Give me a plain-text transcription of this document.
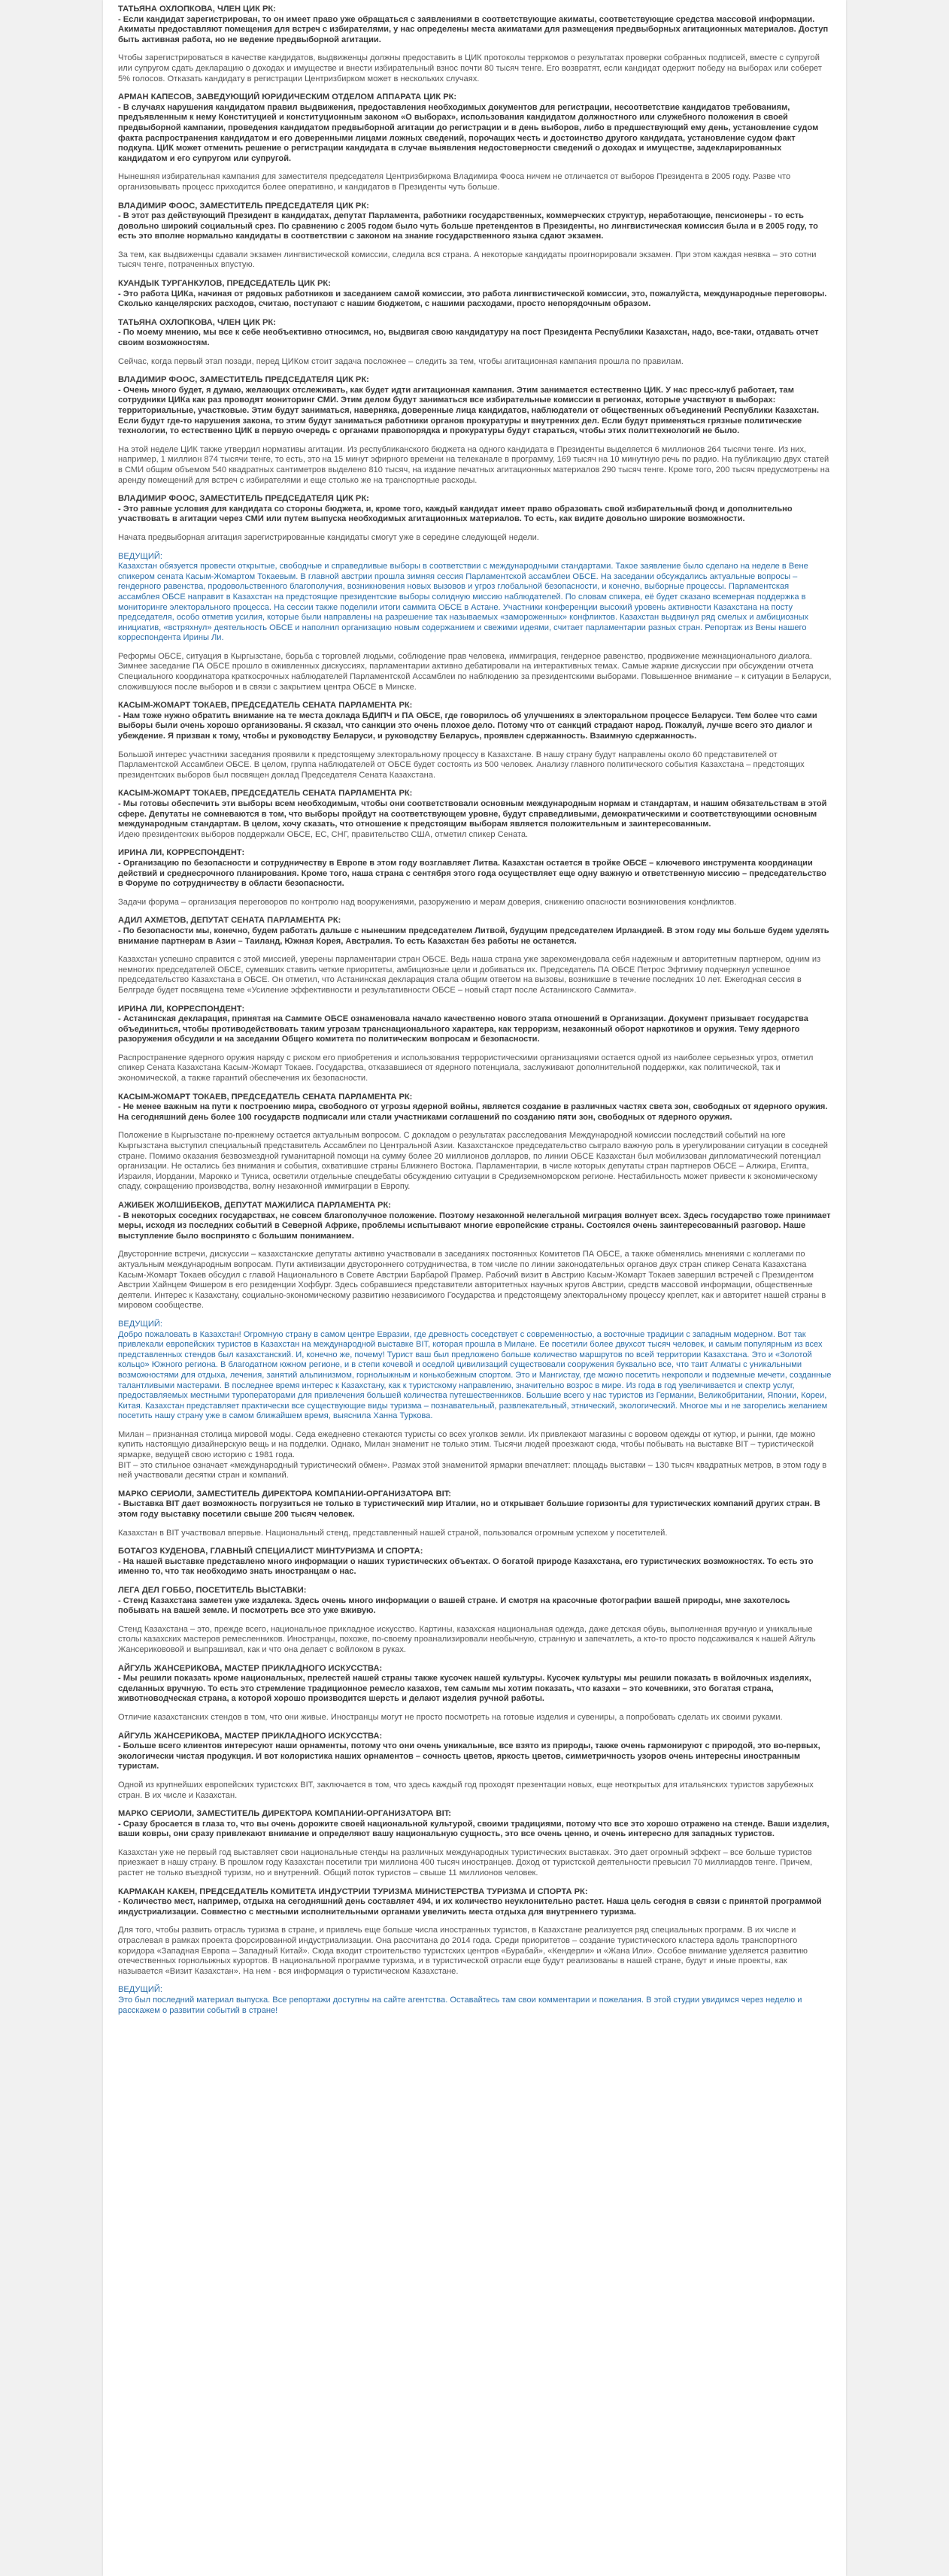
ТАТЬЯНА ОХЛОПКОВА, ЧЛЕН ЦИК РК:
- Если кандидат зарегистрирован, то он имеет право уже обращаться с заявлениями в соответствующие акиматы, соответствующие средства массовой информации. Акиматы предоставляют помещения для встреч с избирателями, у нас определены места акиматами для размещения предвыборных агитационных материалов. Доступ быть активная работа, но не ведение предвыборной агитации.
Чтобы зарегистрироваться в качестве кандидатов, выдвиженцы должны предоставить в ЦИК протоколы терркомов о результатах проверки собранных подписей, вместе с супругой или супругом сдать декларацию о доходах и имуществе и внести избирательный взнос почти 80 тысяч тенге. Его возвратят, если кандидат одержит победу на выборах или соберет 5% голосов. Отказать кандидату в регистрации Центризбирком может в нескольких случаях.
АРМАН КАПЕСОВ, ЗАВЕДУЮЩИЙ ЮРИДИЧЕСКИМ ОТДЕЛОМ АППАРАТА ЦИК РК:
- В случаях нарушения кандидатом правил выдвижения, предоставления необходимых документов для регистрации, несоответствие кандидатов требованиям, предъявленным к нему Конституцией и конституционным законом «О выборах», использования кандидатом должностного или служебного положения в своей предвыборной кампании, проведения кандидатом предвыборной агитации до регистрации и в день выборов, либо в предшествующий ему день, установление судом факта распространения кандидатом и его доверенными лицами ложных сведений, порочащих честь и достоинство другого кандидата, установление судом факт подкупа. ЦИК может отменить решение о регистрации кандидата в случае выявления недостоверности сведений о доходах и имуществе, задекларированных кандидатом и его супругом или супругой.
Нынешняя избирательная кампания для заместителя председателя Центризбиркома Владимира Фооса ничем не отличается от выборов Президента в 2005 году. Разве что организовывать процесс приходится более оперативно, и кандидатов в Президенты чуть больше.
ВЛАДИМИР ФООС, ЗАМЕСТИТЕЛЬ ПРЕДСЕДАТЕЛЯ ЦИК РК:
- В этот раз действующий Президент в кандидатах, депутат Парламента, работники государственных, коммерческих структур, неработающие, пенсионеры - то есть довольно широкий социальный срез. По сравнению с 2005 годом было чуть больше претендентов в Президенты, но лингвистическая комиссия была и в 2005 году, то есть это вполне нормально кандидаты в соответствии с законом на знание государственного языка сдают экзамен.
За тем, как выдвиженцы сдавали экзамен лингвистической комиссии, следила вся страна. А некоторые кандидаты проигнорировали экзамен. При этом каждая неявка – это сотни тысяч тенге, потраченных впустую.
КУАНДЫК ТУРГАНКУЛОВ, ПРЕДСЕДАТЕЛЬ ЦИК РК:
- Это работа ЦИКа, начиная от рядовых работников и заседанием самой комиссии, это работа лингвистической комиссии, это, пожалуйста, международные переговоры. Сколько канцелярских расходов, считаю, поступают с нашим бюджетом, с нашими расходами, просто непорядочным образом.
ТАТЬЯНА ОХЛОПКОВА, ЧЛЕН ЦИК РК:
- По моему мнению, мы все к себе необъективно относимся, но, выдвигая свою кандидатуру на пост Президента Республики Казахстан, надо, все-таки, отдавать отчет своим возможностям.
Сейчас, когда первый этап позади, перед ЦИКом стоит задача посложнее – следить за тем, чтобы агитационная кампания прошла по правилам.
ВЛАДИМИР ФООС, ЗАМЕСТИТЕЛЬ ПРЕДСЕДАТЕЛЯ ЦИК РК:
- Очень много будет, я думаю, желающих отслеживать, как будет идти агитационная кампания. Этим занимается естественно ЦИК. У нас пресс-клуб работает, там сотрудники ЦИКа как раз проводят мониторинг СМИ. Этим делом будут заниматься все избирательные комиссии в регионах, которые участвуют в выборах: территориальные, участковые. Этим будут заниматься, наверняка, доверенные лица кандидатов, наблюдатели от общественных объединений Республики Казахстан. Если будут где-то нарушения закона, то этим будут заниматься работники органов прокуратуры и внутренних дел. Если будут применяться грязные политические технологии, то естественно ЦИК в первую очередь с органами правопорядка и прокуратуры будут стараться, чтобы этих политтехнологий не было.
На этой неделе ЦИК также утвердил нормативы агитации. Из республиканского бюджета на одного кандидата в Президенты выделяется 6 миллионов 264 тысячи тенге. Из них, например, 1 миллион 874 тысячи тенге, то есть, это на 15 минут эфирного времени на телеканале в программу, 169 тысяч на 10 минутную речь по радио. На публикацию двух статей в СМИ общим объемом 540 квадратных сантиметров выделено 810 тысяч, на издание печатных агитационных материалов 290 тысяч тенге. Кроме того, 200 тысяч предусмотрены на аренду помещений для встреч с избирателями и еще столько же на транспортные расходы.
ВЛАДИМИР ФООС, ЗАМЕСТИТЕЛЬ ПРЕДСЕДАТЕЛЯ ЦИК РК:
- Это равные условия для кандидата со стороны бюджета, и, кроме того, каждый кандидат имеет право образовать свой избирательный фонд и дополнительно участвовать в агитации через СМИ или путем выпуска необходимых агитационных материалов. То есть, как видите довольно широкие возможности.
Начата предвыборная агитация зарегистрированные кандидаты смогут уже в середине следующей недели.
ВЕДУЩИЙ:
Казахстан обязуется провести открытые, свободные и справедливые выборы в соответствии с международными стандартами. Такое заявление было сделано на неделе в Вене спикером сената Касым-Жомартом Токаевым. В главной австрии прошла зимняя сессия Парламентской ассамблеи ОБСЕ. На заседании обсуждались актуальные вопросы – гендерного равенства, продовольственного благополучия, возникновения новых вызовов и угроз глобальной безопасности, и конечно, выборные процессы. Парламентская ассамблея ОБСЕ направит в Казахстан на предстоящие президентские выборы солидную миссию наблюдателей. По словам спикера, её будет сказано всемерная поддержка в мониторинге электорального процесса. На сессии также поделили итоги саммита ОБСЕ в Астане. Участники конференции высокий уровень активности Казахстана на посту председателя, особо отметив усилия, которые были направлены на разрешение так называемых «замороженных» конфликтов. Казахстан выдвинул ряд смелых и амбициозных инициатив, «встряхнул» деятельность ОБСЕ и наполнил организацию новым содержанием и свежими идеями, считает парламентарии разных стран. Репортаж из Вены нашего корреспондента Ирины Ли.
Реформы ОБСЕ, ситуация в Кыргызстане, борьба с торговлей людьми, соблюдение прав человека, иммиграция, гендерное равенство, продвижение межнационального диалога. Зимнее заседание ПА ОБСЕ прошло в оживленных дискуссиях, парламентарии активно дебатировали на интерактивных темах. Самые жаркие дискуссии при обсуждении отчета Специального координатора краткосрочных наблюдателей Парламентской Ассамблеи по наблюдению за президентскими выборами. Повышенное внимание – к ситуации в Беларуси, сложившуюся после выборов и в связи с закрытием центра ОБСЕ в Минске.
КАСЫМ-ЖОМАРТ ТОКАЕВ, ПРЕДСЕДАТЕЛЬ СЕНАТА ПАРЛАМЕНТА РК:
- Нам тоже нужно обратить внимание на те места доклада БДИПЧ и ПА ОБСЕ, где говорилось об улучшениях в электоральном процессе Беларуси. Тем более что сами выборы были очень хорошо организованы. Я сказал, что санкции это очень плохое дело. Потому что от санкций страдают народ. Пожалуй, лучше всего это диалог и убеждение. Я призван к тому, чтобы и руководству Беларуси, и руководству Беларусь, проявлен сдержанность. Взаимную сдержанность.
Большой интерес участники заседания проявили к предстоящему электоральному процессу в Казахстане. В нашу страну будут направлены около 60 представителей от Парламентской Ассамблеи ОБСЕ. В целом, группа наблюдателей от ОБСЕ будет состоять из 500 человек. Анализу главного политического события Казахстана – предстоящих президентских выборов был посвящен доклад Председателя Сената Казахстана.
КАСЫМ-ЖОМАРТ ТОКАЕВ, ПРЕДСЕДАТЕЛЬ СЕНАТА ПАРЛАМЕНТА РК:
- Мы готовы обеспечить эти выборы всем необходимым, чтобы они соответствовали основным международным нормам и стандартам, и нашим обязательствам в этой сфере. Депутаты не сомневаются в том, что выборы пройдут на соответствующем уровне, будут справедливыми, демократическими и соответствующими основным международным стандартам. В целом, хочу сказать, что отношение к предстоящим выборам является положительным и заинтересованным.
Идею президентских выборов поддержали ОБСЕ, ЕС, СНГ, правительство США, отметил спикер Сената.
ИРИНА ЛИ, КОРРЕСПОНДЕНТ:
- Организацию по безопасности и сотрудничеству в Европе в этом году возглавляет Литва. Казахстан остается в тройке ОБСЕ – ключевого инструмента координации действий и среднесрочного планирования. Кроме того, наша страна с сентября этого года осуществляет еще одну важную и ответственную миссию – председательство в Форуме по сотрудничеству в области безопасности.
Задачи форума – организация переговоров по контролю над вооружениями, разоружению и мерам доверия, снижению опасности возникновения конфликтов.
АДИЛ АХМЕТОВ, ДЕПУТАТ СЕНАТА ПАРЛАМЕНТА РК:
- По безопасности мы, конечно, будем работать дальше с нынешним председателем Литвой, будущим председателем Ирландией. В этом году мы больше будем уделять внимание партнерам в Азии – Таиланд, Южная Корея, Австралия. То есть Казахстан без работы не останется.
Казахстан успешно справится с этой миссией, уверены парламентарии стран ОБСЕ. Ведь наша страна уже зарекомендовала себя надежным и авторитетным партнером, одним из немногих председателей ОБСЕ, сумевших ставить четкие приоритеты, амбициозные цели и добиваться их. Председатель ПА ОБСЕ Петрос Эфтимиу подчеркнул успешное председательство Казахстана в ОБСЕ. Он отметил, что Астанинская декларация стала общим ответом на вызовы, возникшие в течение последних 10 лет. Ежегодная сессия в Белграде будет посвящена теме «Усиление эффективности и результативности ОБСЕ – новый старт после Астанинского Саммита».
ИРИНА ЛИ, КОРРЕСПОНДЕНТ:
- Астанинская декларация, принятая на Саммите ОБСЕ ознаменовала начало качественно нового этапа отношений в Организации. Документ призывает государства объединиться, чтобы противодействовать таким угрозам транснационального характера, как терроризм, незаконный оборот наркотиков и оружия. Тему ядерного разоружения обсудили и на заседании Общего комитета по политическим вопросам и безопасности.
Распространение ядерного оружия наряду с риском его приобретения и использования террористическими организациями остается одной из наиболее серьезных угроз, отметил спикер Сената Казахстана Касым-Жомарт Токаев. Государства, отказавшиеся от ядерного потенциала, заслуживают дополнительной поддержки, как политической, так и экономической, а также гарантий обеспечения их безопасности.
КАСЫМ-ЖОМАРТ ТОКАЕВ, ПРЕДСЕДАТЕЛЬ СЕНАТА ПАРЛАМЕНТА РК:
- Не менее важным на пути к построению мира, свободного от угрозы ядерной войны, является создание в различных частях света зон, свободных от ядерного оружия. На сегодняшний день более 100 государств подписали или стали участниками соглашений по созданию пяти зон, свободных от ядерного оружия.
Положение в Кыргызстане по-прежнему остается актуальным вопросом. С докладом о результатах расследования Международной комиссии последствий событий на юге Кыргызстана выступил специальный представитель Ассамблеи по Центральной Азии. Казахстанское председательство сыграло важную роль в урегулировании ситуации в соседней стране. Помимо оказания безвозмездной гуманитарной помощи на сумму более 20 миллионов долларов, по линии ОБСЕ Казахстан был мобилизован дипломатический потенциал организации. Не остались без внимания и события, охватившие страны Ближнего Востока. Парламентарии, в числе которых депутаты стран партнеров ОБСЕ – Алжира, Египта, Израиля, Иордании, Марокко и Туниса, осветили отдельные спецдебаты обсуждению ситуации в Средиземноморском регионе. Нестабильность может привести к экономическому спаду, сокращению производства, волну незаконной иммиграции в Европу.
АЖИБЕК ЖОЛШИБЕКОВ, ДЕПУТАТ МАЖИЛИСА ПАРЛАМЕНТА РК:
- В некоторых соседних государствах, не совсем благополучное положение. Поэтому незаконной нелегальной миграция волнует всех. Здесь государство тоже принимает меры, исходя из последних событий в Северной Африке, проблемы испытывают многие европейские страны. Состоялся очень заинтересованный разговор. Наше выступление было воспринято с большим пониманием.
Двусторонние встречи, дискуссии – казахстанские депутаты активно участвовали в заседаниях постоянных Комитетов ПА ОБСЕ, а также обменялись мнениями с коллегами по актуальным международным вопросам. Пути активизации двустороннего сотрудничества, в том числе по линии законодательных органов двух стран спикер Сената Казахстана Касым-Жомарт Токаев обсудил с главой Национального в Совете Австрии Барбарой Прамер. Рабочий визит в Австрию Касым-Жомарт Токаев завершил встречей с Президентом Австрии Хайнцем Фишером в его резиденции Хофбург. Здесь собравшиеся представители авторитетных научных кругов Австрии, средств массовой информации, общественные деятели. Интерес к Казахстану, социально-экономическому развитию независимого Государства и предстоящему электоральному процессу креплет, как и авторитет нашей страны в мировом сообществе.
ВЕДУЩИЙ:
Добро пожаловать в Казахстан! Огромную страну в самом центре Евразии, где древность соседствует с современностью, а восточные традиции с западным модерном. Вот так привлекали европейских туристов в Казахстан на международной выставке ВIT, которая прошла в Милане. Ее посетили более двухсот тысяч человек, и самым популярным из всех представленных стендов был казахстанский. И, конечно же, почему! Турист ваш был предложено больше количество маршрутов по всей территории Казахстана. Это и «Золотой кольцо» Южного региона. В благодатном южном регионе, и в степи кочевой и оседлой цивилизаций существовали сооружения буквально все, что таит Алматы с уникальными возможностями для отдыха, лечения, занятий альпинизмом, горнолыжным и конькобежным спортом. Это и Мангистау, где можно посетить некрополи и подземные мечети, созданные талантливыми мастерами. В последнее время интерес к Казахстану, как к туристскому направлению, значительно возрос в мире. Из года в год увеличивается и спектр услуг, предоставляемых местными туроператорами для привлечения большей количества путешественников. Большие всего у нас туристов из Германии, Великобритании, Японии, Кореи, Китая. Казахстан представляет практически все существующие виды туризма – познавательный, развлекательный, этнический, экологический. Многое мы и не загорелись желанием посетить нашу страну уже в самом ближайшем время, выяснила Ханна Туркова.
Милан – признанная столица мировой моды. Седа ежедневно стекаются туристы со всех уголков земли. Их привлекают магазины с воровом одежды от кутюр, и рынки, где можно купить настоящую дизайнерскую вещь и на подделки. Однако, Милан знаменит не только этим. Тысячи людей проезжают сюда, чтобы побывать на выставке BIT – туристической ярмарке, ведущей свою историю с 1981 года.
BIT – это стильное означает «международный туристический обмен». Размах этой знаменитой ярмарки впечатляет: площадь выставки – 130 тысяч квадратных метров, в этом году в ней участвовали десятки стран и компаний.
МАРКО СЕРИОЛИ, ЗАМЕСТИТЕЛЬ ДИРЕКТОРА КОМПАНИИ-ОРГАНИЗАТОРА BIT:
- Выставка BIT дает возможность погрузиться не только в туристический мир Италии, но и открывает большие горизонты для туристических компаний других стран. В этом году выставку посетили свыше 200 тысяч человек.
Казахстан в BIT участвовал впервые. Национальный стенд, представленный нашей страной, пользовался огромным успехом у посетителей.
БОТАГОЗ КУДЕНОВА, ГЛАВНЫЙ СПЕЦИАЛИСТ МИНТУРИЗМА И СПОРТА:
- На нашей выставке представлено много информации о наших туристических объектах. О богатой природе Казахстана, его туристических возможностях. То есть это именно то, что так необходимо знать иностранцам о нас.
ЛЕГА ДЕЛ ГОББО, ПОСЕТИТЕЛЬ ВЫСТАВКИ:
- Стенд Казахстана заметен уже издалека. Здесь очень много информации о вашей стране. И смотря на красочные фотографии вашей природы, мне захотелось побывать на вашей земле. И посмотреть все это уже вживую.
Стенд Казахстана – это, прежде всего, национальное прикладное искусство. Картины, казахская национальная одежда, даже детская обувь, выполненная вручную и уникальные столы казахских мастеров ремесленников. Иностранцы, похоже, по-своему проанализировали необычную, странную и запечатлеть, а кто-то просто подсаживался к нашей Айгуль Жансерикововой и выпрашивал, как и что она делает с войлоком в руках.
АЙГУЛЬ ЖАНСЕРИКОВА, МАСТЕР ПРИКЛАДНОГО ИСКУССТВА:
- Мы решили показать кроме национальных, прелестей нашей страны также кусочек нашей культуры. Кусочек культуры мы решили показать в войлочных изделиях, сделанных вручную. То есть это стремление традиционное ремесло казахов, тем самым мы хотим показать, что казахи – это кочевники, это богатая страна, животноводческая страна, а которой хорошо производится шерсть и делают изделия ручной работы.
Отличие казахстанских стендов в том, что они живые. Иностранцы могут не просто посмотреть на готовые изделия и сувениры, а попробовать сделать их своими руками.
АЙГУЛЬ ЖАНСЕРИКОВА, МАСТЕР ПРИКЛАДНОГО ИСКУССТВА:
- Больше всего клиентов интересуют наши орнаменты, потому что они очень уникальные, все взято из природы, также очень гармонируют с природой, это во-первых, экологически чистая продукция. И вот колористика наших орнаментов – сочность цветов, яркость цветов, симметричность узоров очень интересны иностранным туристам.
Одной из крупнейших европейских туристских BIT, заключается в том, что здесь каждый год проходят презентации новых, еще неоткрытых для итальянских туристов зарубежных стран. В их числе и Казахстан.
МАРКО СЕРИОЛИ, ЗАМЕСТИТЕЛЬ ДИРЕКТОРА КОМПАНИИ-ОРГАНИЗАТОРА BIT:
- Сразу бросается в глаза то, что вы очень дорожите своей национальной культурой, своими традициями, потому что все это хорошо отражено на стенде. Ваши изделия, ваши ковры, они сразу привлекают внимание и определяют вашу национальную сущность, это все очень ценно, и очень интересно для западных туристов.
Казахстан уже не первый год выставляет свои национальные стенды на различных международных туристических выставках. Это дает огромный эффект – все больше туристов приезжает в нашу страну. В прошлом году Казахстан посетили три миллиона 400 тысяч иностранцев. Доход от туристской деятельности превысил 70 миллиардов тенге. Причем, растет не только въездной туризм, но и внутренний. Общий поток туристов – свыше 11 миллионов человек.
КАРМАКАН КАКЕН, ПРЕДСЕДАТЕЛЬ КОМИТЕТА ИНДУСТРИИ ТУРИЗМА МИНИСТЕРСТВА ТУРИЗМА И СПОРТА РК:
- Количество мест, например, отдыха на сегодняшний день составляет 494, и их количество неуклонительно растет. Наша цель сегодня в связи с принятой программой индустриализации. Совместно с местными исполнительными органами увеличить места отдыха для внутреннего туризма.
Для того, чтобы развить отрасль туризма в стране, и привлечь еще больше числа иностранных туристов, в Казахстане реализуется ряд специальных программ. В их числе и отраслевая в рамках проекта форсированной индустриализации. Она рассчитана до 2014 года. Среди приоритетов – создание туристического кластера вдоль транспортного коридора «Западная Европа – Западный Китай». Сюда входит строительство туристских центров «Бурабай», «Кендерли» и «Жана Или». Особое внимание уделяется развитию отечественных горнолыжных курортов. В национальной программе туризма, и в туристической отрасли еще будут реализованы в нашей стране, будут и иные проекты, как называется «Визит Казахстан». На нем - вся информация о туристическом Казахстане.
ВЕДУЩИЙ:
Это был последний материал выпуска. Все репортажи доступны на сайте агентства. Оставайтесь там свои комментарии и пожелания. В этой студии увидимся через неделю и расскажем о развитии событий в стране!
